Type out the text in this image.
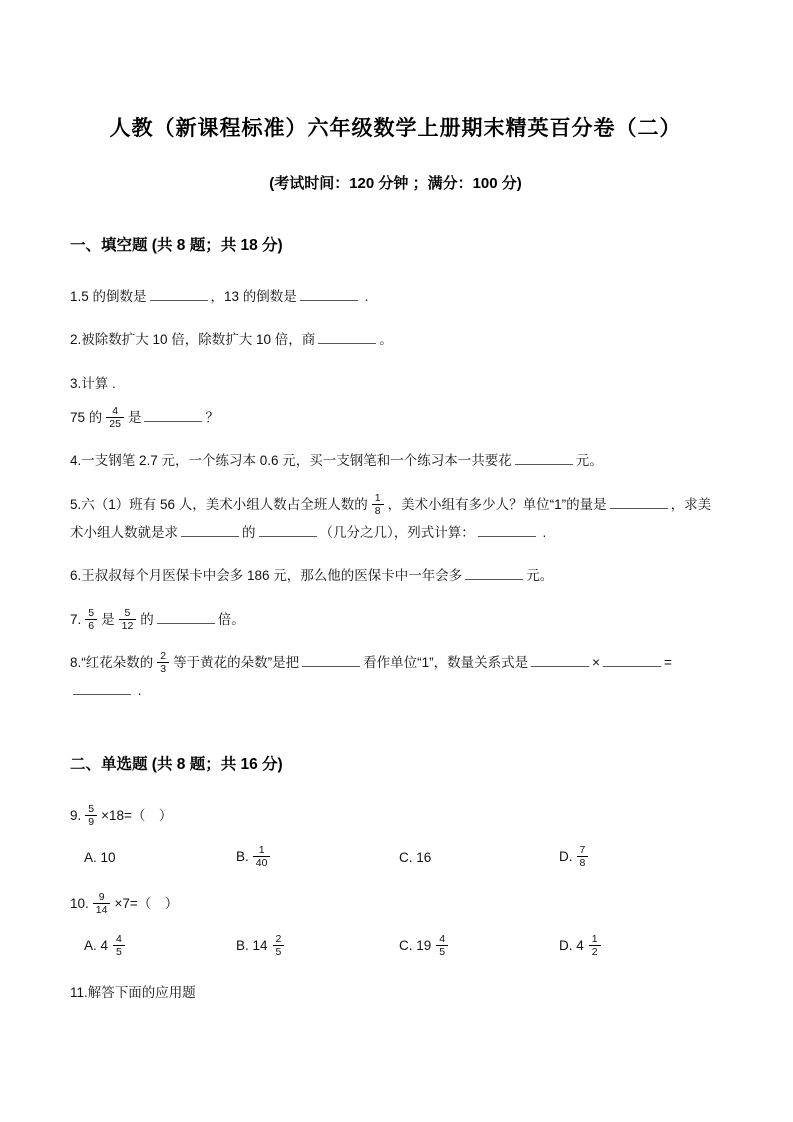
人教（新课程标准）六年级数学上册期末精英百分卷（二）
(考试时间：120 分钟 ；满分：100 分)
一、填空题 (共 8 题；共 18 分)

1.5 的倒数是	，13 的倒数是	.

2.被除数扩大 10 倍，除数扩大 10 倍，商	。

3.计算 .

75 的 $\frac{4}{25}$ 是	？

4.一支钢笔 2.7 元，一个练习本 0.6 元，买一支钢笔和一个练习本一共要花	元。

5.六（1）班有 56 人，美术小组人数占全班人数的 $\frac{1}{8}$ ，美术小组有多少人？单位“1”的量是	，求美术小组人数就是求	的	（几分之几），列式计算：	.

6.王叔叔每个月医保卡中会多 186 元，那么他的医保卡中一年会多	元。

7. $\frac{5}{6}$ 是 $\frac{5}{12}$ 的	倍。

8.“红花朵数的 $\frac{2}{3}$ 等于黄花的朵数”是把	看作单位“1”，数量关系式是	×	= .

二、单选题 (共 8 题；共 16 分)

9. $\frac{5}{9} \times 18=$（　）

A. 10	B. $\frac{1}{40}$	C. 16	D. $\frac{7}{8}$

10. $\frac{9}{14} \times 7=$（　）

A. $4 \frac{4}{5}$	B. $14 \frac{2}{5}$	C. $19 \frac{4}{5}$	D. $4 \frac{1}{2}$

11.解答下面的应用题
